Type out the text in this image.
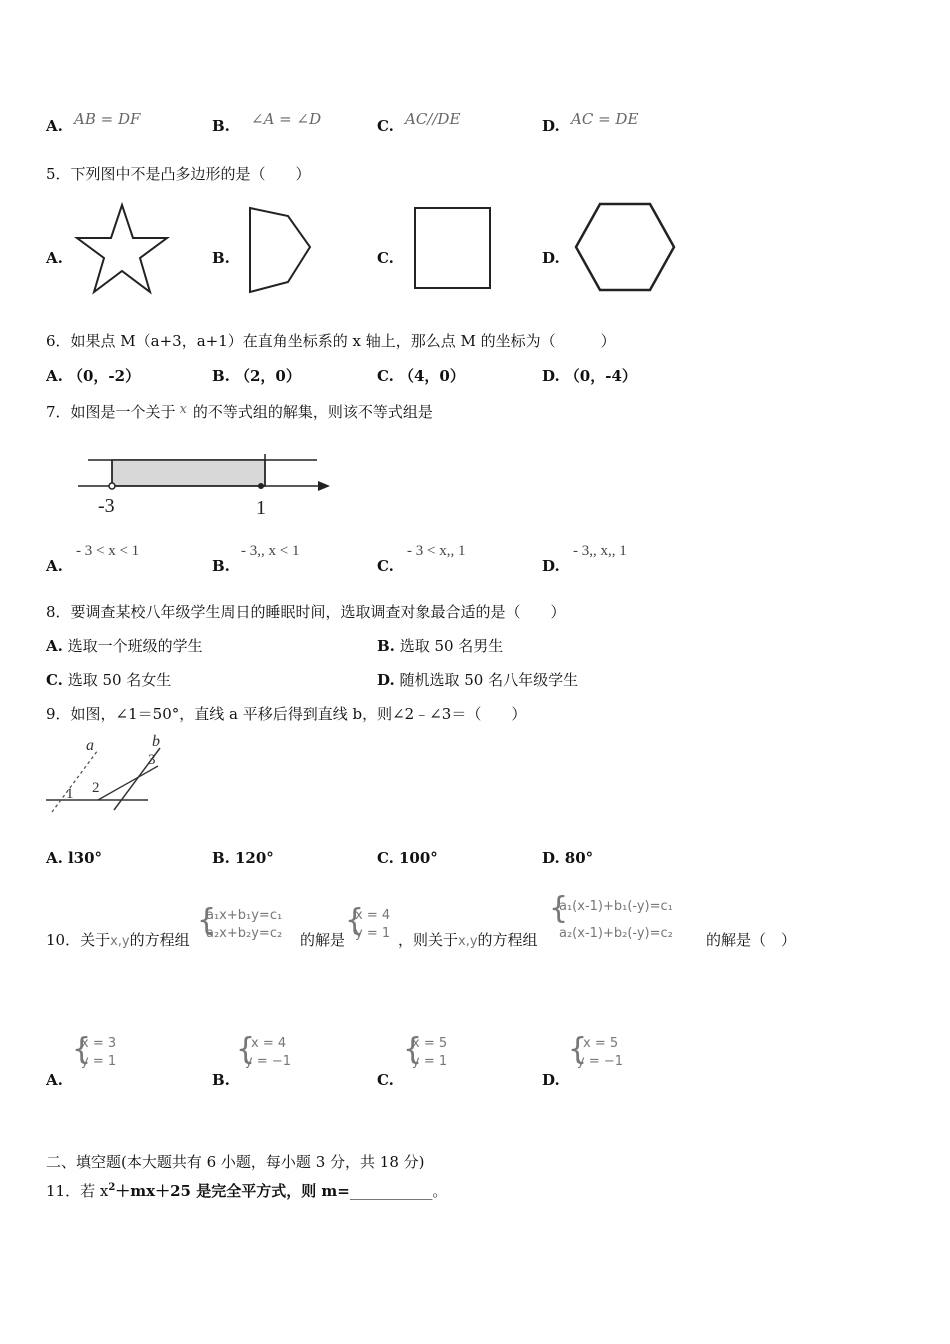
A. AB = DF	B. ∠A = ∠D	C. AC//DE	D. AC = DE
5．下列图中不是凸多边形的是（　　）
A.	B.	C.	D.
6．如果点 M（a+3，a+1）在直角坐标系的 x 轴上，那么点 M 的坐标为（　　　）
A. （0，-2）	B. （2，0）	C. （4，0）	D. （0，-4）
7．如图是一个关于 x 的不等式组的解集，则该不等式组是
-3	1
A.
- 3 < x < 1
B.
- 3,, x < 1
C.
- 3 < x,, 1
D.
- 3,, x,, 1
8．要调查某校八年级学生周日的睡眠时间，选取调查对象最合适的是（　　）
A. 选取一个班级的学生	B. 选取 50 名男生
C. 选取 50 名女生	D. 随机选取 50 名八年级学生
9．如图，∠1＝50°，直线 a 平移后得到直线 b，则∠2﹣∠3＝（　　）
a	b
1 2
3
A. l30°	B. 120°	C. 100°	D. 80°
10．关于x,y的方程组
{
a₁x+b₁y=c₁
a₂x+b₂y=c₂ 的解是
{
x = 4
y = 1 ，则关于x,y的方程组
{
a₁(x-1)+b₁(-y)=c₁
a₂(x-1)+b₂(-y)=c₂ 的解是（　）
A.
{
x = 3
y = 1
B.
{
x = 4
y = −1
C.
{
x = 5
y = 1
D.
{
x = 5
y = −1
二、填空题(本大题共有 6 小题，每小题 3 分，共 18 分)
11．若 $x^2+mx+25$ 是完全平方式，则 m=___________。
